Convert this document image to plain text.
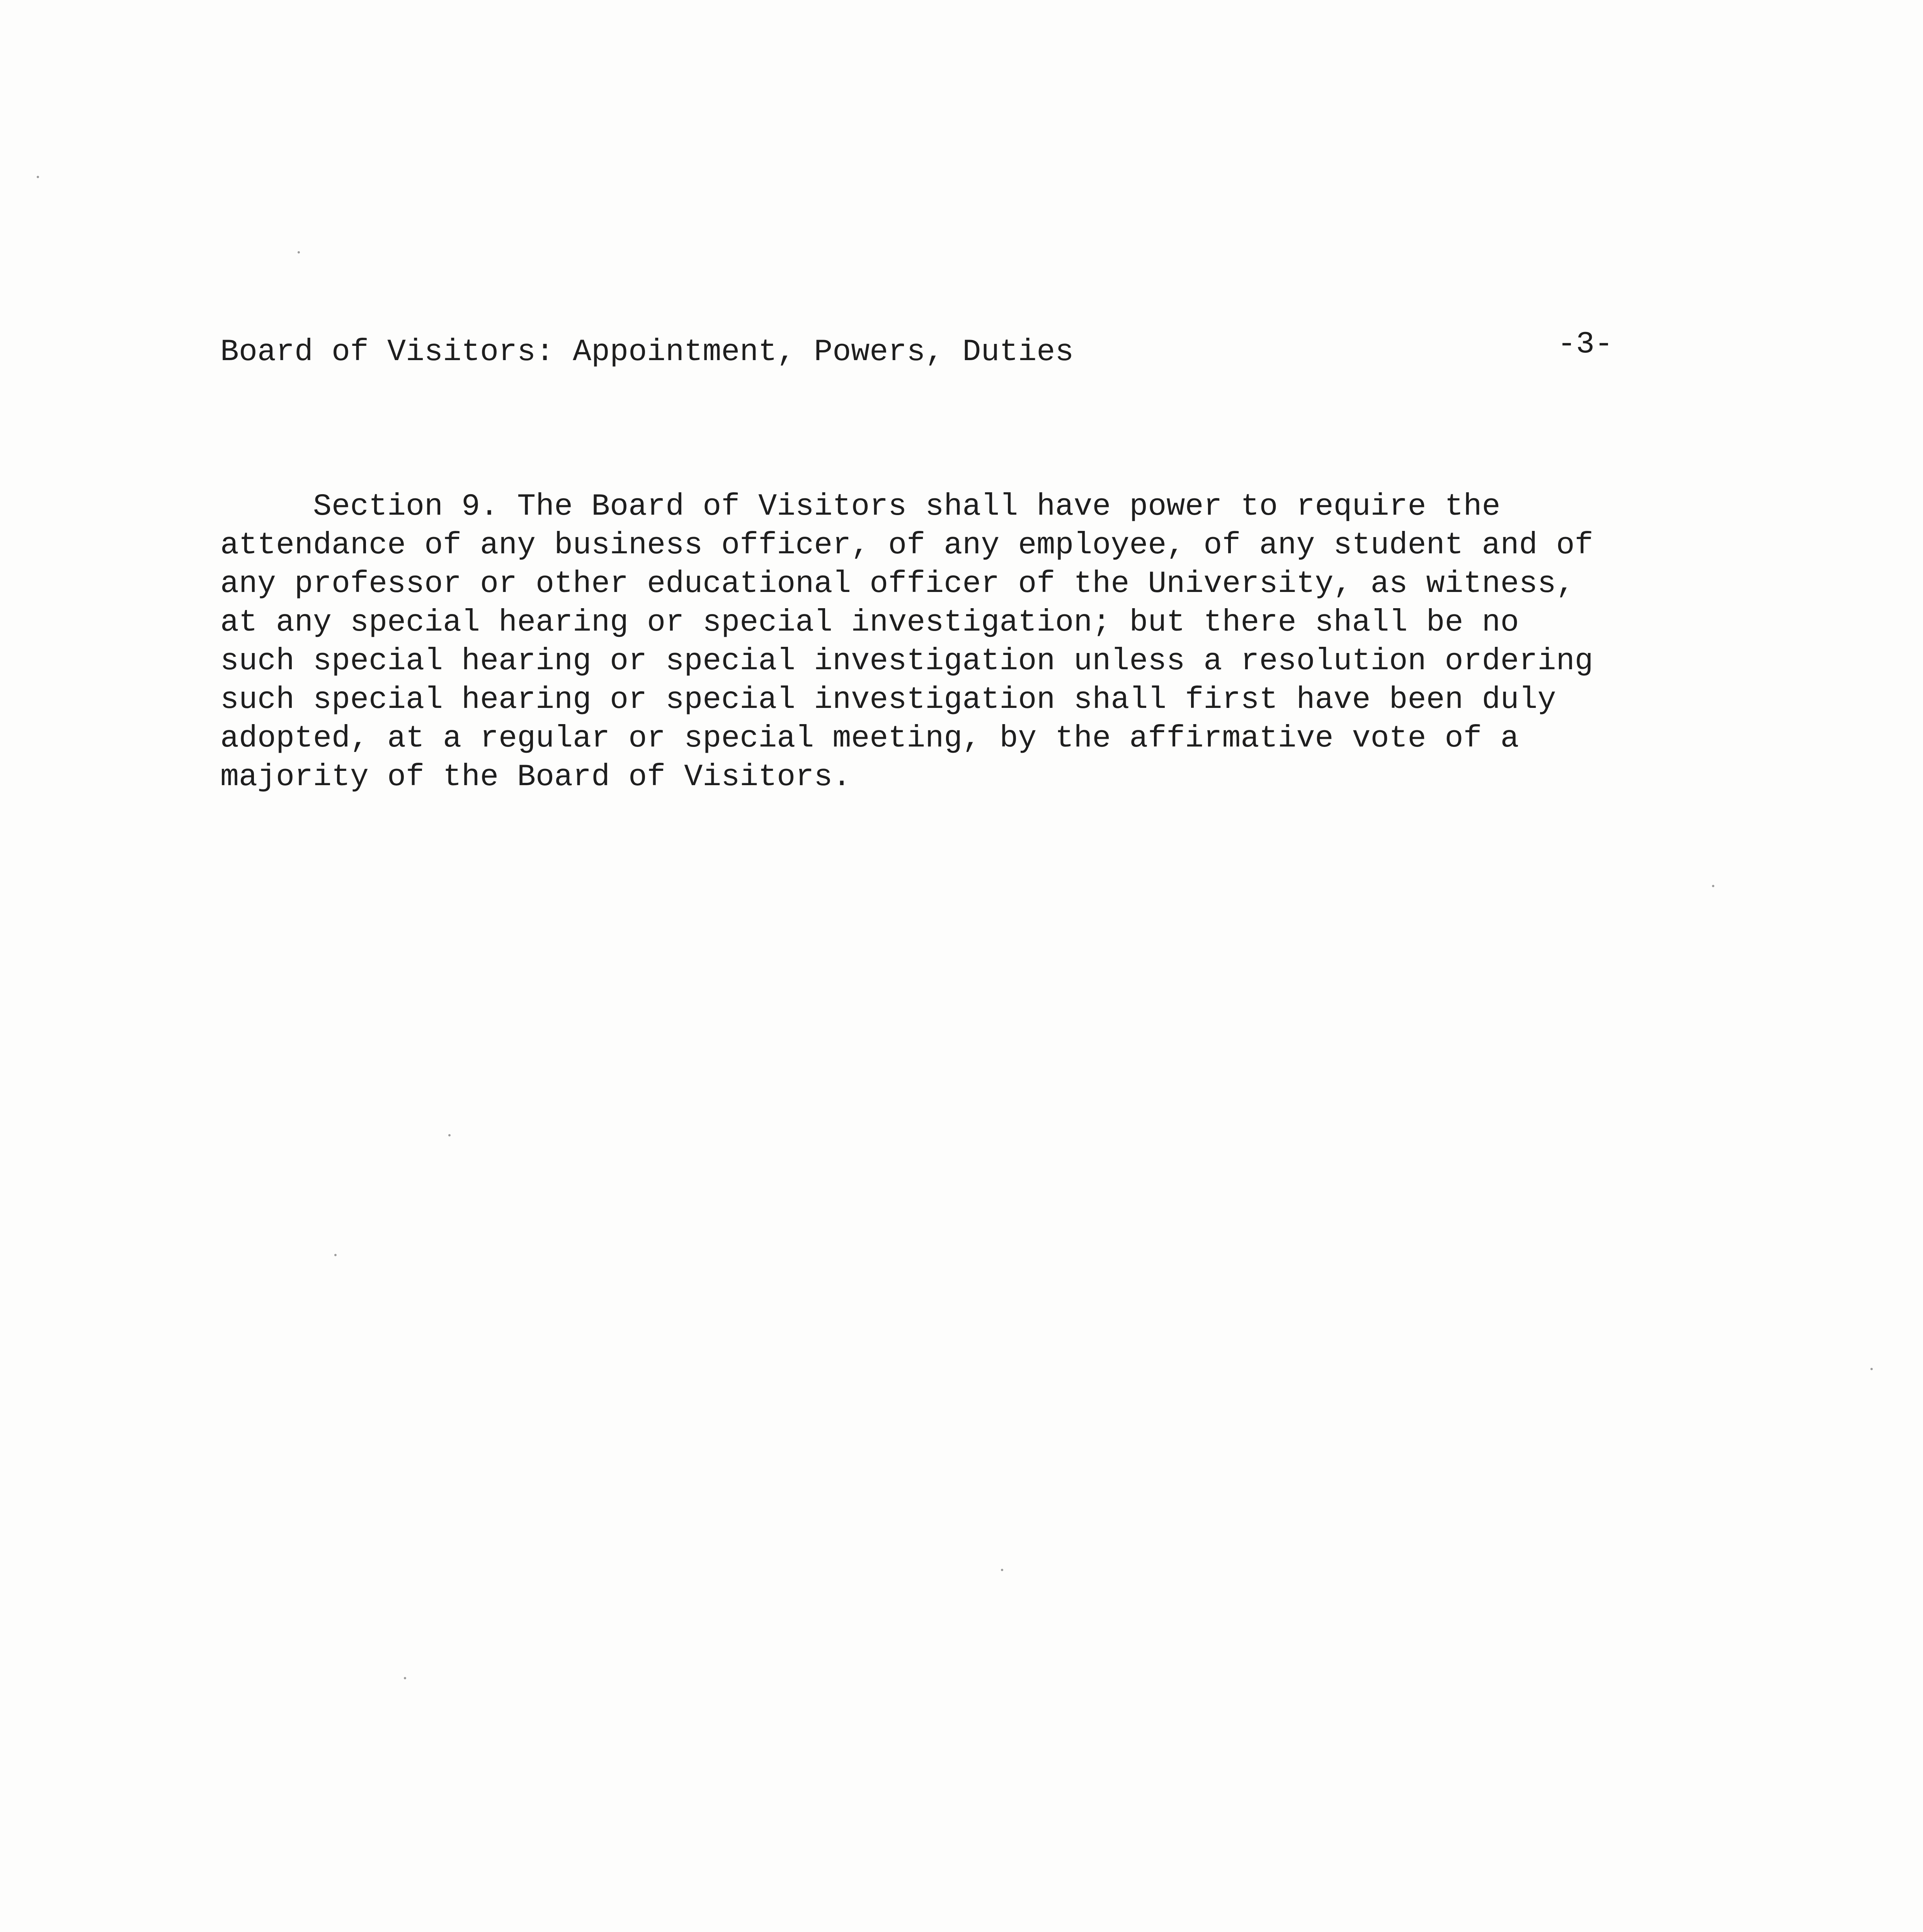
Board of Visitors: Appointment, Powers, Duties	-3-
Section 9. The Board of Visitors shall have power to require the
attendance of any business officer, of any employee, of any student and of
any professor or other educational officer of the University, as witness,
at any special hearing or special investigation; but there shall be no
such special hearing or special investigation unless a resolution ordering
such special hearing or special investigation shall first have been duly
adopted, at a regular or special meeting, by the affirmative vote of a
majority of the Board of Visitors.
